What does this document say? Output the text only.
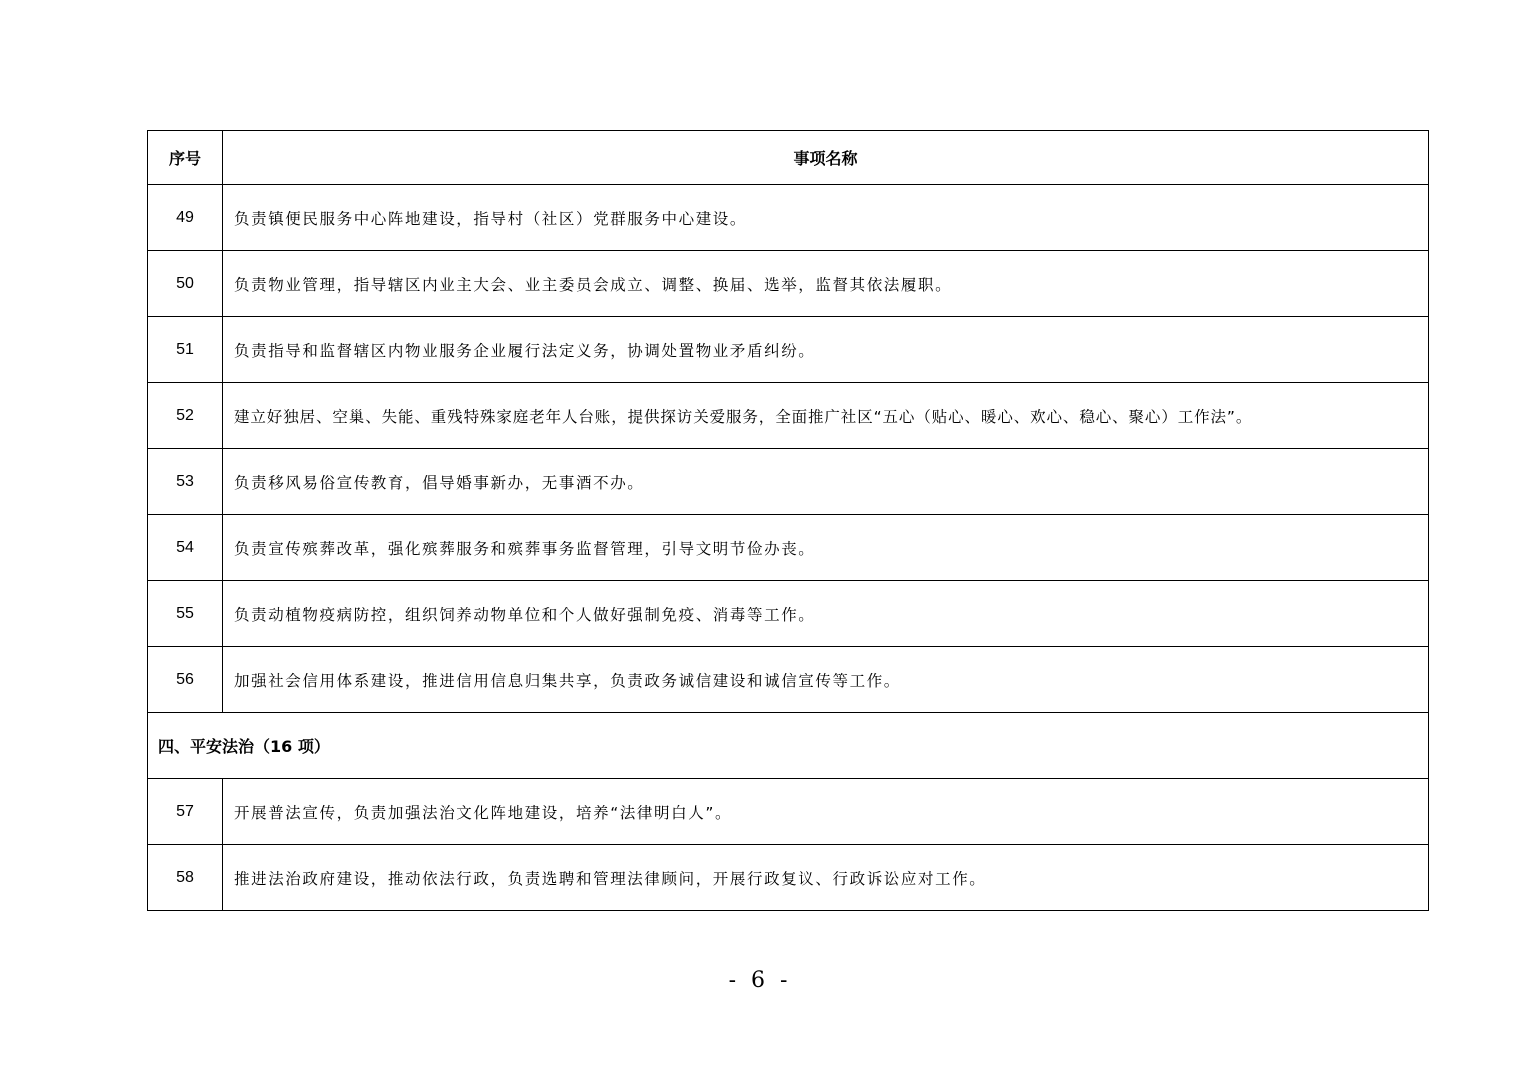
序号	事项名称
49	负责镇便民服务中心阵地建设，指导村（社区）党群服务中心建设。
50	负责物业管理，指导辖区内业主大会、业主委员会成立、调整、换届、选举，监督其依法履职。
51	负责指导和监督辖区内物业服务企业履行法定义务，协调处置物业矛盾纠纷。
52	建立好独居、空巢、失能、重残特殊家庭老年人台账，提供探访关爱服务，全面推广社区“五心（贴心、暖心、欢心、稳心、聚心）工作法”。
53	负责移风易俗宣传教育，倡导婚事新办，无事酒不办。
54	负责宣传殡葬改革，强化殡葬服务和殡葬事务监督管理，引导文明节俭办丧。
55	负责动植物疫病防控，组织饲养动物单位和个人做好强制免疫、消毒等工作。
56	加强社会信用体系建设，推进信用信息归集共享，负责政务诚信建设和诚信宣传等工作。
四、平安法治（16 项）	
57	开展普法宣传，负责加强法治文化阵地建设，培养“法律明白人”。
58	推进法治政府建设，推动依法行政，负责选聘和管理法律顾问，开展行政复议、行政诉讼应对工作。
- 6 -
